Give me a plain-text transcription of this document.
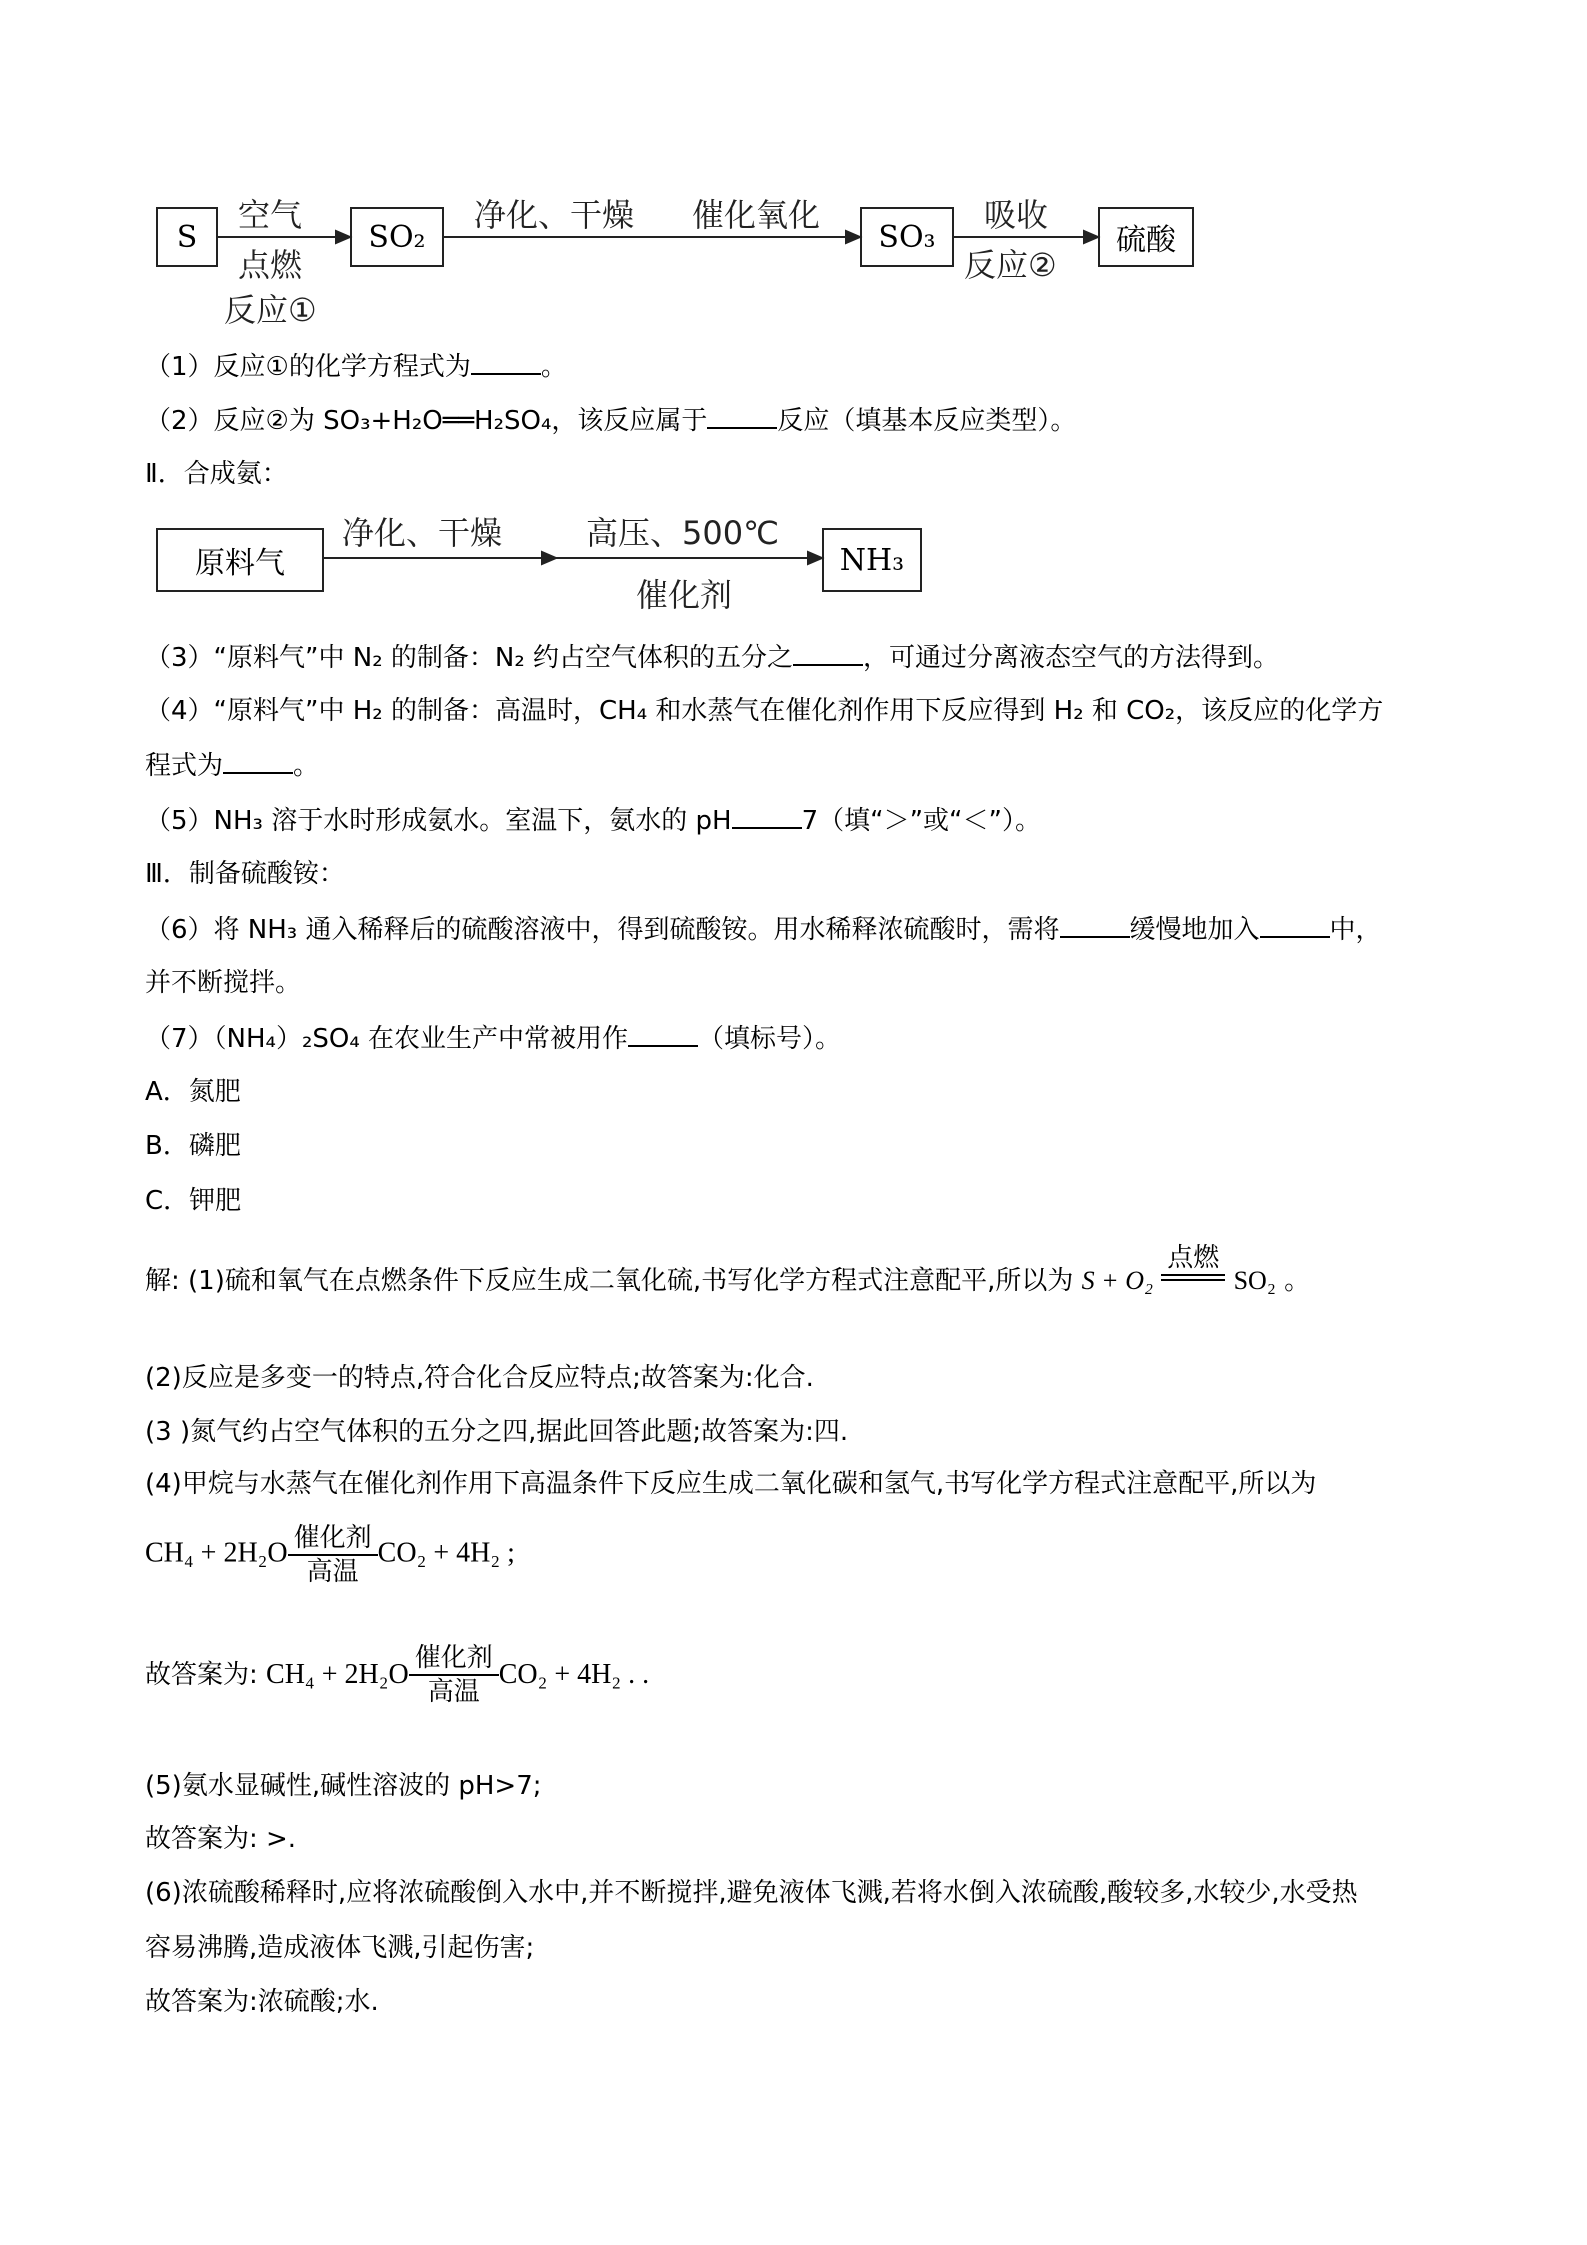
S	SO₂	SO₃	硫酸
空气
点燃
反应①
净化、干燥 催化氧化	吸收
反应②
（1）反应①的化学方程式为	。
（2）反应②为 SO₃+H₂O══H₂SO₄，该反应属于	反应（填基本反应类型）。
Ⅱ．合成氨：
原料气	NH₃
净化、干燥	高压、500℃
催化剂
（3）“原料气”中 N₂ 的制备：N₂ 约占空气体积的五分之	，可通过分离液态空气的方法得到。
（4）“原料气”中 H₂ 的制备：高温时，CH₄ 和水蒸气在催化剂作用下反应得到 H₂ 和 CO₂，该反应的化学方
程式为	。
（5）NH₃ 溶于水时形成氨水。室温下，氨水的 pH	7（填“＞”或“＜”）。
Ⅲ．制备硫酸铵：
（6）将 NH₃ 通入稀释后的硫酸溶液中，得到硫酸铵。用水稀释浓硫酸时，需将	缓慢地加入	中，
并不断搅拌。
（7）（NH₄）₂SO₄ 在农业生产中常被用作	（填标号）。
A．氮肥
B．磷肥
C．钾肥
解: (1)硫和氧气在点燃条件下反应生成二氧化硫,书写化学方程式注意配平,所以为 S + O₂
点燃
SO₂ 。
(2)反应是多变一的特点,符合化合反应特点;故答案为:化合.
(3 )氮气约占空气体积的五分之四,据此回答此题;故答案为:四.
(4)甲烷与水蒸气在催化剂作用下高温条件下反应生成二氧化碳和氢气,书写化学方程式注意配平,所以为
$CH_4 + 2H_2O \frac{\text{催化剂}}{\text{高温}} CO_2 + 4H_2$ ;
故答案为: $CH_4 + 2H_2O \frac{\text{催化剂}}{\text{高温}} CO_2 + 4H_2$ . .
(5)氨水显碱性,碱性溶波的 pH>7;
故答案为: >.
(6)浓硫酸稀释时,应将浓硫酸倒入水中,并不断搅拌,避免液体飞溅,若将水倒入浓硫酸,酸较多,水较少,水受热
容易沸腾,造成液体飞溅,引起伤害;
故答案为:浓硫酸;水.
